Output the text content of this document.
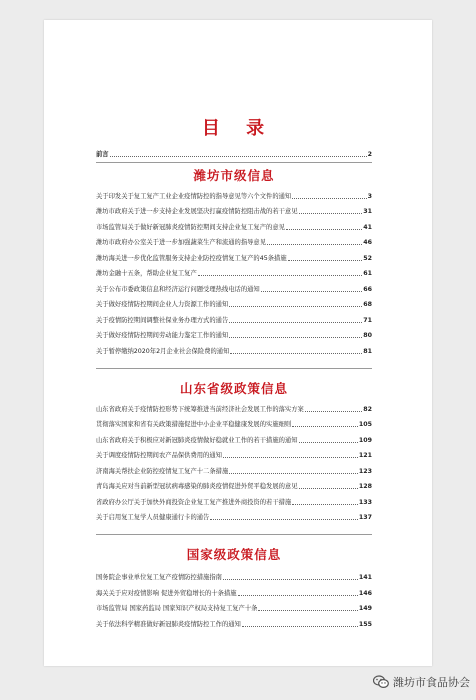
目 录
前言	2
潍坊市级信息
关于印发关于复工复产工业企业疫情防控的指导意见等六个文件的通知	3
潍坊市政府关于进一步支持企业发展坚决打赢疫情防控阻击战的若干意见	31
市场监管局关于做好新冠肺炎疫情防控期间支持企业复工复产的意见	41
潍坊市政府办公室关于进一步加强蔬菜生产和流通的指导意见	46
潍坊海关进一步优化监管服务支持企业防控疫情复工复产的45条措施	52
潍坊金融十五条，帮助企业复工复产	61
关于公布市委政策信息和经济运行问题受理热线电话的通知	66
关于做好疫情防控期间企业人力资源工作的通知	68
关于疫情防控期间调整社保业务办理方式的通告	71
关于做好疫情防控期间劳动能力鉴定工作的通知	80
关于暂停缴纳2020年2月企业社会保险费的通知	81
山东省级政策信息
山东省政府关于疫情防控形势下统筹推进当前经济社会发展工作的落实方案	82
贯彻落实国家和省有关政策措施促进中小企业平稳健康发展的实施细则	105
山东省政府关于积极应对新冠肺炎疫情做好稳就业工作的若干措施的通知	109
关于调度疫情防控期间农产品保供费用的通知	121
济南海关帮扶企业防控疫情复工复产十二条措施	123
青岛海关应对当前新型冠状病毒感染的肺炎疫情促进外贸平稳发展的意见	128
省政府办公厅关于加快外商投资企业复工复产推进外商投资的若干措施	133
关于启用复工复学人员健康通行卡的通告	137
国家级政策信息
国务院企事业单位复工复产疫情防控措施指南	141
海关关于应对疫情影响 促进外贸稳增长的十条措施	146
市场监管局 国家药监局 国家知识产权局支持复工复产十条	149
关于依法科学精准做好新冠肺炎疫情防控工作的通知	155
潍坊市食品协会
